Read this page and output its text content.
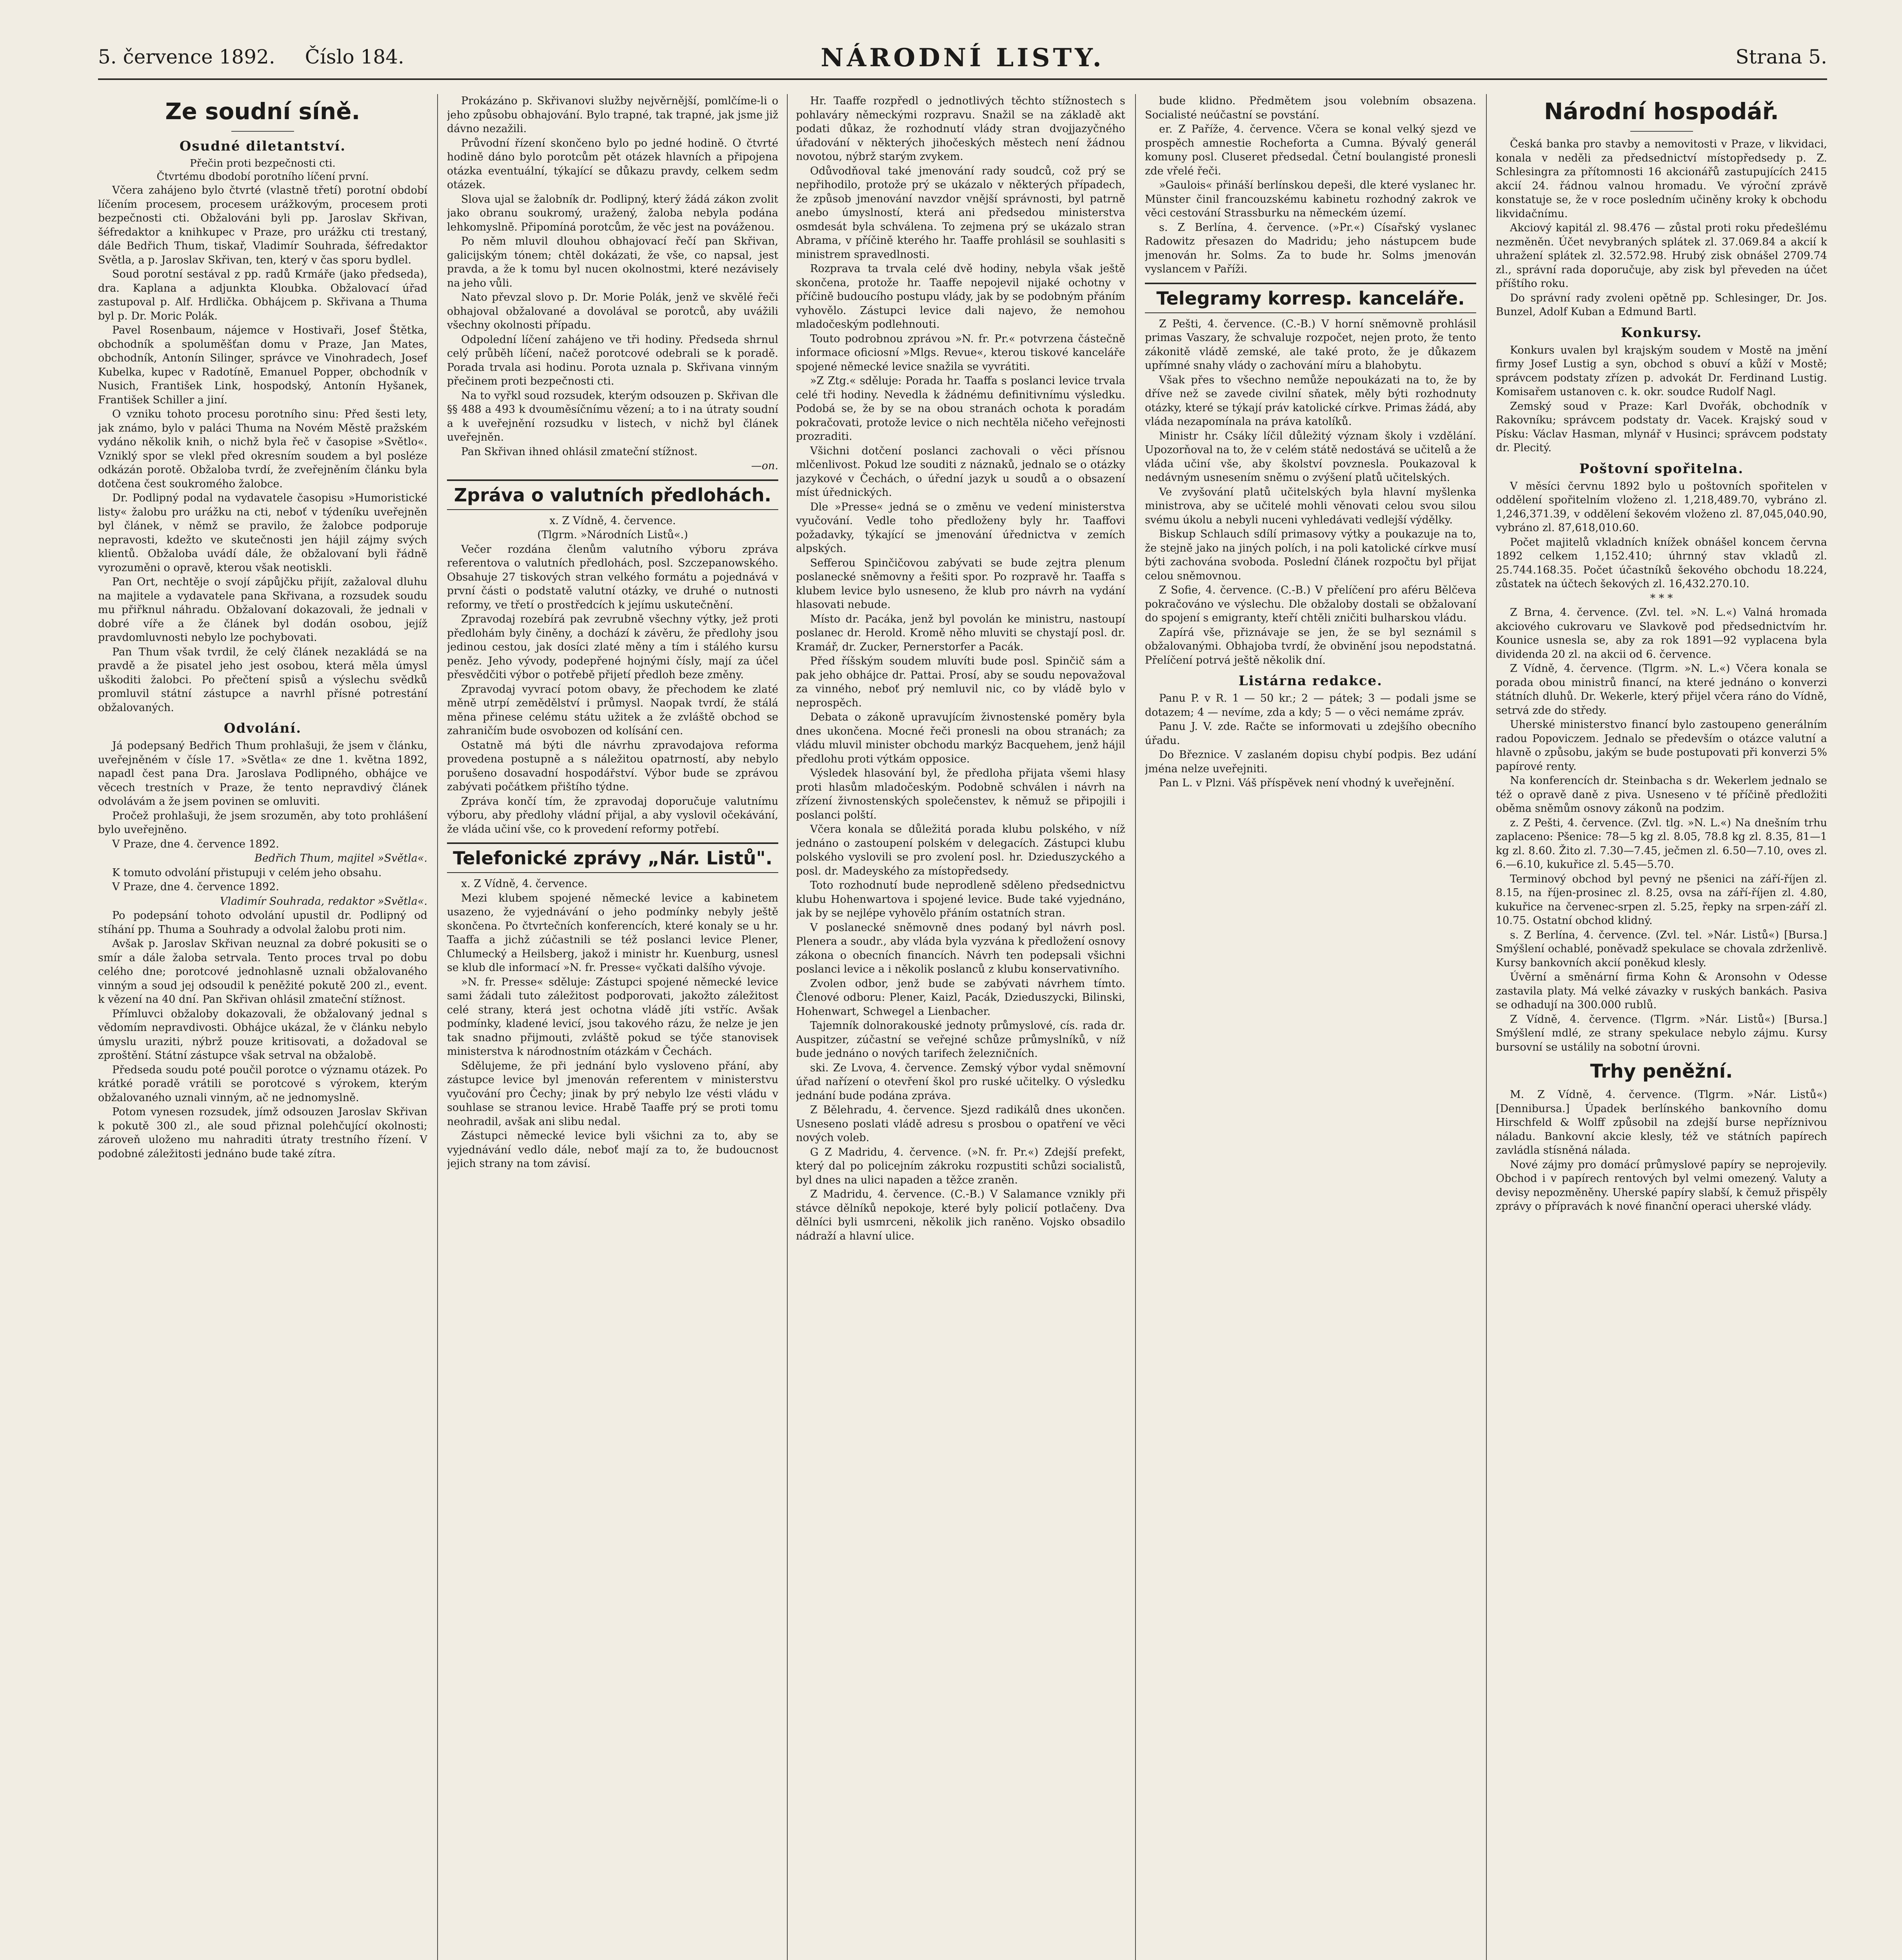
5. července 1892. Číslo 184.	NÁRODNÍ LISTY.	Strana 5.
Ze soudní síně.
Osudné diletantství.
Přečin proti bezpečnosti cti.
Čtvrtému dbodobí porotního líčení první.

Včera zahájeno bylo čtvrté (vlastně třetí) porotní období líčením procesem, procesem urážkovým, procesem proti bezpečnosti cti. Obžalováni byli pp. Jaroslav Skřivan, šéfredaktor a knihkupec v Praze, pro urážku cti trestaný, dále Bedřich Thum, tiskař, Vladimír Souhrada, šéfredaktor Světla, a p. Jaroslav Skřivan, ten, který v čas sporu bydlel.

Soud porotní sestával z pp. radů Krmáře (jako předseda), dra. Kaplana a adjunkta Kloubka. Obžalovací úřad zastupoval p. Alf. Hrdlička. Obhájcem p. Skřivana a Thuma byl p. Dr. Moric Polák.

Pavel Rosenbaum, nájemce v Hostivaři, Josef Štětka, obchodník a spoluměšťan domu v Praze, Jan Mates, obchodník, Antonín Silinger, správce ve Vinohradech, Josef Kubelka, kupec v Radotíně, Emanuel Popper, obchodník v Nusich, František Link, hospodský, Antonín Hyšanek, František Schiller a jiní.

O vzniku tohoto procesu porotního sinu: Před šesti lety, jak známo, bylo v paláci Thuma na Novém Městě pražském vydáno několik knih, o nichž byla řeč v časopise »Světlo«. Vzniklý spor se vlekl před okresním soudem a byl posléze odkázán porotě. Obžaloba tvrdí, že zveřejněním článku byla dotčena čest soukromého žalobce.

Dr. Podlipný podal na vydavatele časopisu »Humoristické listy« žalobu pro urážku na cti, neboť v týdeníku uveřejněn byl článek, v němž se pravilo, že žalobce podporuje nepravosti, kdežto ve skutečnosti jen hájil zájmy svých klientů. Obžaloba uvádí dále, že obžalovaní byli řádně vyrozuměni o opravě, kterou však neotiskli.

Pan Ort, nechtěje o svojí zápůjčku přijít, zažaloval dluhu na majitele a vydavatele pana Skřivana, a rozsudek soudu mu přiřknul náhradu. Obžalovaní dokazovali, že jednali v dobré víře a že článek byl dodán osobou, jejíž pravdomluvnosti nebylo lze pochybovati.

Pan Thum však tvrdil, že celý článek nezakládá se na pravdě a že pisatel jeho jest osobou, která měla úmysl uškoditi žalobci. Po přečtení spisů a výslechu svědků promluvil státní zástupce a navrhl přísné potrestání obžalovaných.

Odvolání.

Já podepsaný Bedřich Thum prohlašuji, že jsem v článku, uveřejněném v čísle 17. »Světla« ze dne 1. května 1892, napadl čest pana Dra. Jaroslava Podlipného, obhájce ve věcech trestních v Praze, že tento nepravdivý článek odvolávám a že jsem povinen se omluviti.

Pročež prohlašuji, že jsem srozuměn, aby toto prohlášení bylo uveřejněno.

V Praze, dne 4. července 1892.

Bedřich Thum, majitel »Světla«.

K tomuto odvolání přistupuji v celém jeho obsahu.

V Praze, dne 4. července 1892.

Vladimír Souhrada, redaktor »Světla«.

Po podepsání tohoto odvolání upustil dr. Podlipný od stíhání pp. Thuma a Souhrady a odvolal žalobu proti nim.

Avšak p. Jaroslav Skřivan neuznal za dobré pokusiti se o smír a dále žaloba setrvala. Tento proces trval po dobu celého dne; porotcové jednohlasně uznali obžalovaného vinným a soud jej odsoudil k peněžité pokutě 200 zl., event. k vězení na 40 dní. Pan Skřivan ohlásil zmateční stížnost.

Přímluvci obžaloby dokazovali, že obžalovaný jednal s vědomím nepravdivosti. Obhájce ukázal, že v článku nebylo úmyslu uraziti, nýbrž pouze kritisovati, a dožadoval se zproštění. Státní zástupce však setrval na obžalobě.

Předseda soudu poté poučil porotce o významu otázek. Po krátké poradě vrátili se porotcové s výrokem, kterým obžalovaného uznali vinným, ač ne jednomyslně.

Potom vynesen rozsudek, jímž odsouzen Jaroslav Skřivan k pokutě 300 zl., ale soud přiznal polehčující okolnosti; zároveň uloženo mu nahraditi útraty trestního řízení. V podobné záležitosti jednáno bude také zítra.

Prokázáno p. Skřivanovi služby nejvěrnější, pomlčíme-li o jeho způsobu obhajování. Bylo trapné, tak trapné, jak jsme již dávno nezažili.

Průvodní řízení skončeno bylo po jedné hodině. O čtvrté hodině dáno bylo porotcům pět otázek hlavních a připojena otázka eventuální, týkající se důkazu pravdy, celkem sedm otázek.

Slova ujal se žalobník dr. Podlipný, který žádá zákon zvolit jako obranu soukromý, uražený, žaloba nebyla podána lehkomyslně. Připomíná porotcům, že věc jest na pováženou.

Po něm mluvil dlouhou obhajovací řečí pan Skřivan, galicijským tónem; chtěl dokázati, že vše, co napsal, jest pravda, a že k tomu byl nucen okolnostmi, které nezávisely na jeho vůli.

Nato převzal slovo p. Dr. Morie Polák, jenž ve skvělé řeči obhajoval obžalované a dovolával se porotců, aby uvážili všechny okolnosti případu.

Odpolední líčení zahájeno ve tři hodiny. Předseda shrnul celý průběh líčení, načež porotcové odebrali se k poradě. Porada trvala asi hodinu. Porota uznala p. Skřivana vinným přečinem proti bezpečnosti cti.

Na to vyřkl soud rozsudek, kterým odsouzen p. Skřivan dle §§ 488 a 493 k dvouměsíčnímu vězení; a to i na útraty soudní a k uveřejnění rozsudku v listech, v nichž byl článek uveřejněn.

Pan Skřivan ihned ohlásil zmateční stížnost.

—on.

Zpráva o valutních předlohách.

x. Z Vídně, 4. července.

(Tlgrm. »Národních Listů«.)

Večer rozdána členům valutního výboru zpráva referentova o valutních předlohách, posl. Szczepanowského. Obsahuje 27 tiskových stran velkého formátu a pojednává v první části o podstatě valutní otázky, ve druhé o nutnosti reformy, ve třetí o prostředcích k jejímu uskutečnění.

Zpravodaj rozebírá pak zevrubně všechny výtky, jež proti předlohám byly činěny, a dochází k závěru, že předlohy jsou jedinou cestou, jak dosíci zlaté měny a tím i stálého kursu peněz. Jeho vývody, podepřené hojnými čísly, mají za účel přesvědčiti výbor o potřebě přijetí předloh beze změny.

Zpravodaj vyvrací potom obavy, že přechodem ke zlaté měně utrpí zemědělství i průmysl. Naopak tvrdí, že stálá měna přinese celému státu užitek a že zvláště obchod se zahraničím bude osvobozen od kolísání cen.

Ostatně má býti dle návrhu zpravodajova reforma provedena postupně a s náležitou opatrností, aby nebylo porušeno dosavadní hospodářství. Výbor bude se zprávou zabývati počátkem přištího týdne.

Zpráva končí tím, že zpravodaj doporučuje valutnímu výboru, aby předlohy vládní přijal, a aby vyslovil očekávání, že vláda učiní vše, co k provedení reformy potřebí.

Telefonické zprávy „Nár. Listů".

x. Z Vídně, 4. července.

Mezi klubem spojené německé levice a kabinetem usazeno, že vyjednávání o jeho podmínky nebyly ještě skončena. Po čtvrtečních konferencích, které konaly se u hr. Taaffa a jichž zúčastnili se též poslanci levice Plener, Chlumecký a Heilsberg, jakož i ministr hr. Kuenburg, usnesl se klub dle informací »N. fr. Presse« vyčkati dalšího vývoje.

»N. fr. Presse« sděluje: Zástupci spojené německé levice sami žádali tuto záležitost podporovati, jakožto záležitost celé strany, která jest ochotna vládě jíti vstříc. Avšak podmínky, kladené levicí, jsou takového rázu, že nelze je jen tak snadno přijmouti, zvláště pokud se týče stanovisek ministerstva k národnostním otázkám v Čechách.

Sdělujeme, že při jednání bylo vysloveno přání, aby zástupce levice byl jmenován referentem v ministerstvu vyučování pro Čechy; jinak by prý nebylo lze vésti vládu v souhlase se stranou levice. Hrabě Taaffe prý se proti tomu neohradil, avšak ani slibu nedal.

Zástupci německé levice byli všichni za to, aby se vyjednávání vedlo dále, neboť mají za to, že budoucnost jejich strany na tom závisí.

Hr. Taaffe rozpředl o jednotlivých těchto stížnostech s pohlaváry německými rozpravu. Snažil se na základě akt podati důkaz, že rozhodnutí vlády stran dvojjazyčného úřadování v některých jihočeských městech není žádnou novotou, nýbrž starým zvykem.

Odůvodňoval také jmenování rady soudců, což prý se nepřihodilo, protože prý se ukázalo v některých případech, že způsob jmenování navzdor vnější správnosti, byl patrně anebo úmyslností, která ani předsedou ministerstva osmdesát byla schválena. To zejmena prý se ukázalo stran Abrama, v příčině kterého hr. Taaffe prohlásil se souhlasiti s ministrem spravedlnosti.

Rozprava ta trvala celé dvě hodiny, nebyla však ještě skončena, protože hr. Taaffe nepojevil nijaké ochotny v příčině budoucího postupu vlády, jak by se podobným přáním vyhovělo. Zástupci levice dali najevo, že nemohou mladočeským podlehnouti.

Touto podrobnou zprávou »N. fr. Pr.« potvrzena částečně informace oficiosní »Mlgs. Revue«, kterou tiskové kanceláře spojené německé levice snažila se vyvrátiti.

»Z Ztg.« sděluje: Porada hr. Taaffa s poslanci levice trvala celé tři hodiny. Nevedla k žádnému definitivnímu výsledku. Podobá se, že by se na obou stranách ochota k poradám pokračovati, protože levice o nich nechtěla ničeho veřejnosti prozraditi.

Všichni dotčení poslanci zachovali o věci přísnou mlčenlivost. Pokud lze souditi z náznaků, jednalo se o otázky jazykové v Čechách, o úřední jazyk u soudů a o obsazení míst úřednických.

Dle »Presse« jedná se o změnu ve vedení ministerstva vyučování. Vedle toho předloženy byly hr. Taaffovi požadavky, týkající se jmenování úřednictva v zemích alpských.

Sefferou Spinčičovou zabývati se bude zejtra plenum poslanecké sněmovny a řešiti spor. Po rozpravě hr. Taaffa s klubem levice bylo usneseno, že klub pro návrh na vydání hlasovati nebude.

Místo dr. Pacáka, jenž byl povolán ke ministru, nastoupí poslanec dr. Herold. Kromě něho mluviti se chystají posl. dr. Kramář, dr. Zucker, Pernerstorfer a Pacák.

Před říšským soudem mluvíti bude posl. Spinčič sám a pak jeho obhájce dr. Pattai. Prosí, aby se soudu nepovažoval za vinného, neboť prý nemluvil nic, co by vládě bylo v neprospěch.

Debata o zákoně upravujícím živnostenské poměry byla dnes ukončena. Mocné řeči pronesli na obou stranách; za vládu mluvil minister obchodu markýz Bacquehem, jenž hájil předlohu proti výtkám opposice.

Výsledek hlasování byl, že předloha přijata všemi hlasy proti hlasům mladočeským. Podobně schválen i návrh na zřízení živnostenských společenstev, k němuž se připojili i poslanci polští.

Včera konala se důležitá porada klubu polského, v níž jednáno o zastoupení polském v delegacích. Zástupci klubu polského vyslovili se pro zvolení posl. hr. Dzieduszyckého a posl. dr. Madeyského za místopředsedy.

Toto rozhodnutí bude neprodleně sděleno předsednictvu klubu Hohenwartova i spojené levice. Bude také vyjednáno, jak by se nejlépe vyhovělo přáním ostatních stran.

V poslanecké sněmovně dnes podaný byl návrh posl. Plenera a soudr., aby vláda byla vyzvána k předložení osnovy zákona o obecních financích. Návrh ten podepsali všichni poslanci levice a i několik poslanců z klubu konservativního.

Zvolen odbor, jenž bude se zabývati návrhem tímto. Členové odboru: Plener, Kaizl, Pacák, Dzieduszycki, Bilinski, Hohenwart, Schwegel a Lienbacher.

Tajemník dolnorakouské jednoty průmyslové, cís. rada dr. Auspitzer, zúčastní se veřejné schůze průmyslníků, v níž bude jednáno o nových tarifech železničních.

ski. Ze Lvova, 4. července. Zemský výbor vydal sněmovní úřad nařízení o otevření škol pro ruské učitelky. O výsledku jednání bude podána zpráva.

Z Bělehradu, 4. července. Sjezd radikálů dnes ukončen. Usneseno poslati vládě adresu s prosbou o opatření ve věci nových voleb.

G Z Madridu, 4. července. (»N. fr. Pr.«) Zdejší prefekt, který dal po policejním zákroku rozpustiti schůzi socialistů, byl dnes na ulici napaden a těžce zraněn.

Z Madridu, 4. července. (C.-B.) V Salamance vznikly při stávce dělníků nepokoje, které byly policií potlačeny. Dva dělníci byli usmrceni, několik jich raněno. Vojsko obsadilo nádraží a hlavní ulice.

bude klidno. Předmětem jsou volebním obsazena. Socialisté neúčastní se povstání.

er. Z Paříže, 4. července. Včera se konal velký sjezd ve prospěch amnestie Rocheforta a Cumna. Bývalý generál komuny posl. Cluseret předsedal. Četní boulangisté pronesli zde vřelé řeči.

»Gaulois« přináší berlínskou depeši, dle které vyslanec hr. Münster činil francouzskému kabinetu rozhodný zakrok ve věci cestování Strassburku na německém území.

s. Z Berlína, 4. července. (»Pr.«) Císařský vyslanec Radowitz přesazen do Madridu; jeho nástupcem bude jmenován hr. Solms. Za to bude hr. Solms jmenován vyslancem v Paříži.

Telegramy korresp. kanceláře.

Z Pešti, 4. července. (C.-B.) V horní sněmovně prohlásil primas Vaszary, že schvaluje rozpočet, nejen proto, že tento zákonitě vládě zemské, ale také proto, že je důkazem upřímné snahy vlády o zachování míru a blahobytu.

Však přes to všechno nemůže nepoukázati na to, že by dříve než se zavede civilní sňatek, měly býti rozhodnuty otázky, které se týkají práv katolické církve. Primas žádá, aby vláda nezapomínala na práva katolíků.

Ministr hr. Csáky líčil důležitý význam školy i vzdělání. Upozorňoval na to, že v celém státě nedostává se učitelů a že vláda učiní vše, aby školství povznesla. Poukazoval k nedávným usnesením sněmu o zvýšení platů učitelských.

Ve zvyšování platů učitelských byla hlavní myšlenka ministrova, aby se učitelé mohli věnovati celou svou silou svému úkolu a nebyli nuceni vyhledávati vedlejší výdělky.

Biskup Schlauch sdílí primasovy výtky a poukazuje na to, že stejně jako na jiných polích, i na poli katolické církve musí býti zachována svoboda. Poslední článek rozpočtu byl přijat celou sněmovnou.

Z Sofie, 4. července. (C.-B.) V přelíčení pro aféru Bělčeva pokračováno ve výslechu. Dle obžaloby dostali se obžalovaní do spojení s emigranty, kteří chtěli zničiti bulharskou vládu.

Zapírá vše, přiznávaje se jen, že se byl seznámil s obžalovanými. Obhajoba tvrdí, že obvinění jsou nepodstatná. Přelíčení potrvá ještě několik dní.

Listárna redakce.

Panu P. v R. 1 — 50 kr.; 2 — pátek; 3 — podali jsme se dotazem; 4 — nevíme, zda a kdy; 5 — o věci nemáme zpráv.

Panu J. V. zde. Račte se informovati u zdejšího obecního úřadu.

Do Březnice. V zaslaném dopisu chybí podpis. Bez udání jména nelze uveřejniti.

Pan L. v Plzni. Váš příspěvek není vhodný k uveřejnění.

Národní hospodář.

Česká banka pro stavby a nemovitosti v Praze, v likvidaci, konala v neděli za předsednictví místopředsedy p. Z. Schlesingra za přítomnosti 16 akcionářů zastupujících 2415 akcií 24. řádnou valnou hromadu. Ve výroční zprávě konstatuje se, že v roce posledním učiněny kroky k obchodu likvidačnímu.

Akciový kapitál zl. 98.476 — zůstal proti roku předešlému nezměněn. Účet nevybraných splátek zl. 37.069.84 a akcií k uhražení splátek zl. 32.572.98. Hrubý zisk obnášel 2709.74 zl., správní rada doporučuje, aby zisk byl převeden na účet příštího roku.

Do správní rady zvoleni opětně pp. Schlesinger, Dr. Jos. Bunzel, Adolf Kuban a Edmund Bartl.

Konkursy.

Konkurs uvalen byl krajským soudem v Mostě na jmění firmy Josef Lustig a syn, obchod s obuví a kůží v Mostě; správcem podstaty zřízen p. advokát Dr. Ferdinand Lustig. Komisařem ustanoven c. k. okr. soudce Rudolf Nagl.

Zemský soud v Praze: Karl Dvořák, obchodník v Rakovníku; správcem podstaty dr. Vacek. Krajský soud v Písku: Václav Hasman, mlynář v Husinci; správcem podstaty dr. Plecitý.

Poštovní spořitelna.

V měsíci červnu 1892 bylo u poštovních spořitelen v oddělení spořitelním vloženo zl. 1,218,489.70, vybráno zl. 1,246,371.39, v oddělení šekovém vloženo zl. 87,045,040.90, vybráno zl. 87,618,010.60.

Počet majitelů vkladních knížek obnášel koncem června 1892 celkem 1,152.410; úhrnný stav vkladů zl. 25.744.168.35. Počet účastníků šekového obchodu 18.224, zůstatek na účtech šekových zl. 16,432.270.10.

* * *

Z Brna, 4. července. (Zvl. tel. »N. L.«) Valná hromada akciového cukrovaru ve Slavkově pod předsednictvím hr. Kounice usnesla se, aby za rok 1891—92 vyplacena byla dividenda 20 zl. na akcii od 6. července.

Z Vídně, 4. července. (Tlgrm. »N. L.«) Včera konala se porada obou ministrů financí, na které jednáno o konverzi státních dluhů. Dr. Wekerle, který přijel včera ráno do Vídně, setrvá zde do středy.

Uherské ministerstvo financí bylo zastoupeno generálním radou Popoviczem. Jednalo se především o otázce valutní a hlavně o způsobu, jakým se bude postupovati při konverzi 5% papírové renty.

Na konferencích dr. Steinbacha s dr. Wekerlem jednalo se též o opravě daně z piva. Usneseno v té příčině předložiti oběma sněmům osnovy zákonů na podzim.

z. Z Pešti, 4. července. (Zvl. tlg. »N. L.«) Na dnešním trhu zaplaceno: Pšenice: 78—5 kg zl. 8.05, 78.8 kg zl. 8.35, 81—1 kg zl. 8.60. Žito zl. 7.30—7.45, ječmen zl. 6.50—7.10, oves zl. 6.—6.10, kukuřice zl. 5.45—5.70.

Terminový obchod byl pevný ne pšenici na září-říjen zl. 8.15, na říjen-prosinec zl. 8.25, ovsa na září-říjen zl. 4.80, kukuřice na červenec-srpen zl. 5.25, řepky na srpen-září zl. 10.75. Ostatní obchod klidný.

s. Z Berlína, 4. července. (Zvl. tel. »Nár. Listů«) [Bursa.] Smýšlení ochablé, poněvadž spekulace se chovala zdrženlivě. Kursy bankovních akcií poněkud klesly.

Úvěrní a směnární firma Kohn & Aronsohn v Odesse zastavila platy. Má velké závazky v ruských bankách. Pasiva se odhadují na 300.000 rublů.

Z Vídně, 4. července. (Tlgrm. »Nár. Listů«) [Bursa.] Smýšlení mdlé, ze strany spekulace nebylo zájmu. Kursy bursovní se ustálily na sobotní úrovni.

Trhy peněžní.

M. Z Vídně, 4. července. (Tlgrm. »Nár. Listů«) [Dennibursa.] Úpadek berlínského bankovního domu Hirschfeld & Wolff způsobil na zdejší burse nepříznivou náladu. Bankovní akcie klesly, též ve státních papírech zavládla stísněná nálada.

Nové zájmy pro domácí průmyslové papíry se neprojevily. Obchod i v papírech rentových byl velmi omezený. Valuty a devisy nepozměněny. Uherské papíry slabší, k čemuž přispěly zprávy o přípravách k nové finanční operaci uherské vlády.
